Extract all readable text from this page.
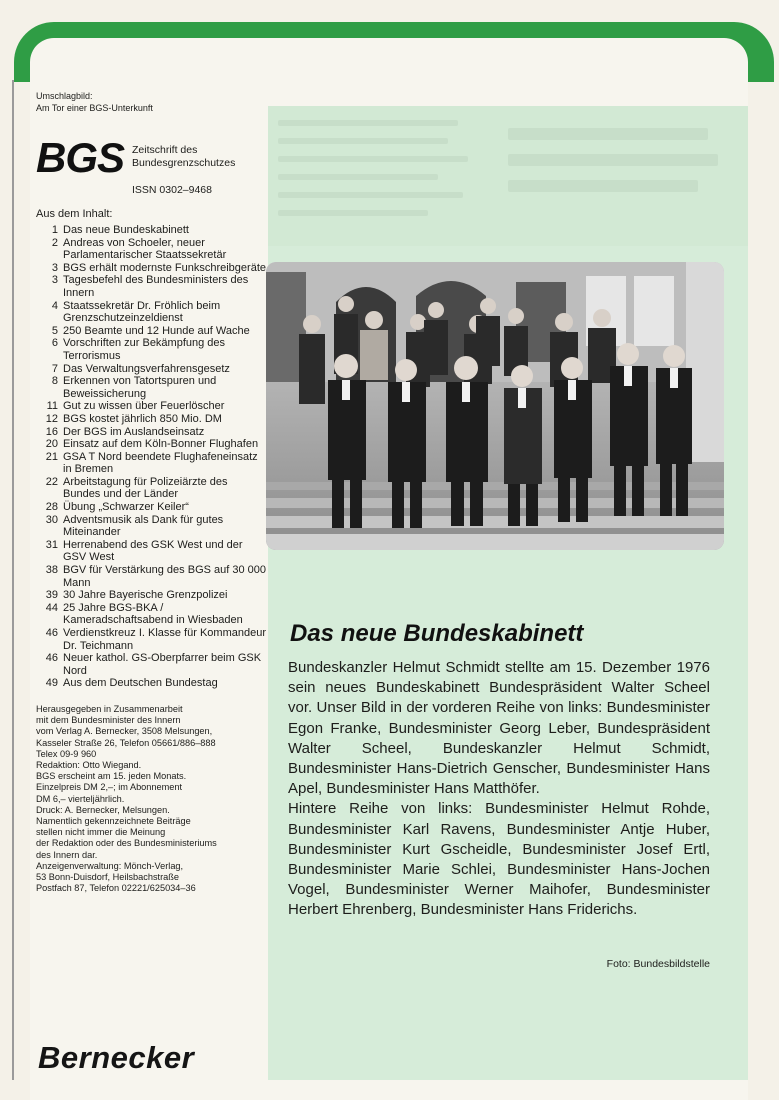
Umschlagbild:
Am Tor einer BGS-Unterkunft
BGS Zeitschrift des
Bundesgrenzschutzes
ISSN 0302–9468
Aus dem Inhalt:
1 Das neue Bundeskabinett
2 Andreas von Schoeler, neuer Parlamentarischer Staatssekretär
3 BGS erhält modernste Funkschreibgeräte
3 Tagesbefehl des Bundesministers des Innern
4 Staatssekretär Dr. Fröhlich beim Grenzschutzeinzeldienst
5 250 Beamte und 12 Hunde auf Wache
6 Vorschriften zur Bekämpfung des Terrorismus
7 Das Verwaltungsverfahrensgesetz
8 Erkennen von Tatortspuren und Beweissicherung
11 Gut zu wissen über Feuerlöscher
12 BGS kostet jährlich 850 Mio. DM
16 Der BGS im Auslandseinsatz
20 Einsatz auf dem Köln-Bonner Flughafen
21 GSA T Nord beendete Flughafeneinsatz in Bremen
22 Arbeitstagung für Polizeiärzte des Bundes und der Länder
28 Übung „Schwarzer Keiler“
30 Adventsmusik als Dank für gutes Miteinander
31 Herrenabend des GSK West und der GSV West
38 BGV für Verstärkung des BGS auf 30 000 Mann
39 30 Jahre Bayerische Grenzpolizei
44 25 Jahre BGS-BKA / Kameradschaftsabend in Wiesbaden
46 Verdienstkreuz I. Klasse für Kommandeur Dr. Teichmann
46 Neuer kathol. GS-Oberpfarrer beim GSK Nord
49 Aus dem Deutschen Bundestag
Herausgegeben in Zusammenarbeit
mit dem Bundesminister des Innern
vom Verlag A. Bernecker, 3508 Melsungen,
Kasseler Straße 26, Telefon 05661/886–888
Telex 09-9 960
Redaktion: Otto Wiegand.
BGS erscheint am 15. jeden Monats.
Einzelpreis DM 2,–; im Abonnement
DM 6,– vierteljährlich.
Druck: A. Bernecker, Melsungen.
Namentlich gekennzeichnete Beiträge
stellen nicht immer die Meinung
der Redaktion oder des Bundesministeriums
des Innern dar.
Anzeigenverwaltung: Mönch-Verlag,
53 Bonn-Duisdorf, Heilsbachstraße
Postfach 87, Telefon 02221/625034–36
Bernecker
Das neue Bundeskabinett

Bundeskanzler Helmut Schmidt stellte am 15. Dezember 1976 sein neues Bundeskabinett Bundespräsident Walter Scheel vor. Unser Bild in der vorderen Reihe von links: Bundesminister Egon Franke, Bundesminister Georg Leber, Bundespräsident Walter Scheel, Bundeskanzler Helmut Schmidt, Bundesminister Hans-Dietrich Genscher, Bundesminister Hans Apel, Bundesminister Hans Matthöfer.

Hintere Reihe von links: Bundesminister Helmut Rohde, Bundesminister Karl Ravens, Bundesminister Antje Huber, Bundesminister Kurt Gscheidle, Bundesminister Josef Ertl, Bundesminister Marie Schlei, Bundesminister Hans-Jochen Vogel, Bundesminister Werner Maihofer, Bundesminister Herbert Ehrenberg, Bundesminister Hans Friderichs.

Foto: Bundesbildstelle
